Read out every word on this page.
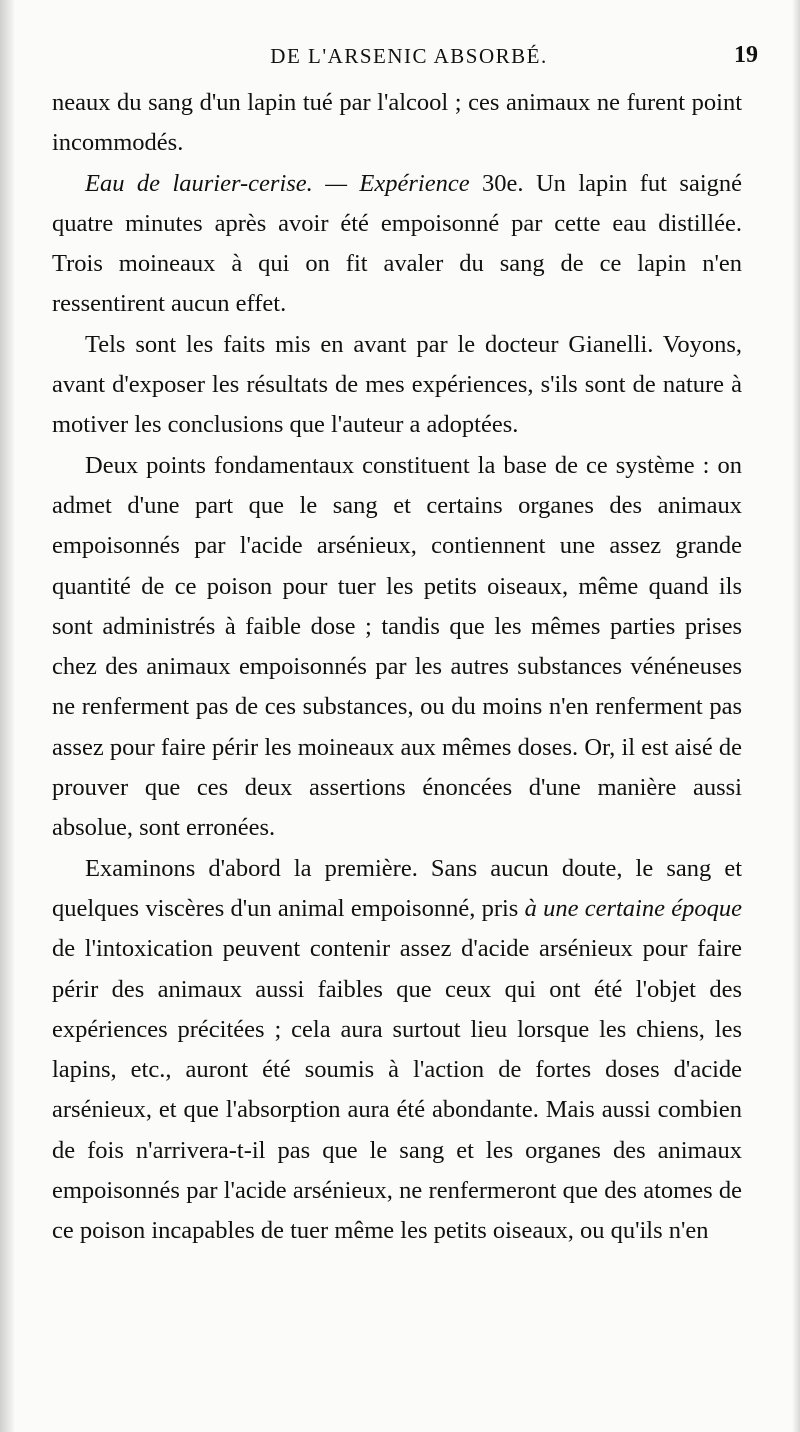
DE L'ARSENIC ABSORBÉ.	19

neaux du sang d'un lapin tué par l'alcool ; ces animaux ne furent point incommodés.

Eau de laurier-cerise. — Expérience 30e. Un lapin fut saigné quatre minutes après avoir été empoisonné par cette eau distillée. Trois moineaux à qui on fit avaler du sang de ce lapin n'en ressentirent aucun effet.

Tels sont les faits mis en avant par le docteur Gianelli. Voyons, avant d'exposer les résultats de mes expériences, s'ils sont de nature à motiver les conclusions que l'auteur a adoptées.

Deux points fondamentaux constituent la base de ce système : on admet d'une part que le sang et certains organes des animaux empoisonnés par l'acide arsénieux, contiennent une assez grande quantité de ce poison pour tuer les petits oiseaux, même quand ils sont administrés à faible dose ; tandis que les mêmes parties prises chez des animaux empoisonnés par les autres substances vénéneuses ne renferment pas de ces substances, ou du moins n'en renferment pas assez pour faire périr les moineaux aux mêmes doses. Or, il est aisé de prouver que ces deux assertions énoncées d'une manière aussi absolue, sont erronées.

Examinons d'abord la première. Sans aucun doute, le sang et quelques viscères d'un animal empoisonné, pris à une certaine époque de l'intoxication peuvent contenir assez d'acide arsénieux pour faire périr des animaux aussi faibles que ceux qui ont été l'objet des expériences précitées ; cela aura surtout lieu lorsque les chiens, les lapins, etc., auront été soumis à l'action de fortes doses d'acide arsénieux, et que l'absorption aura été abondante. Mais aussi combien de fois n'arrivera-t-il pas que le sang et les organes des animaux empoisonnés par l'acide arsénieux, ne renfermeront que des atomes de ce poison incapables de tuer même les petits oiseaux, ou qu'ils n'en
